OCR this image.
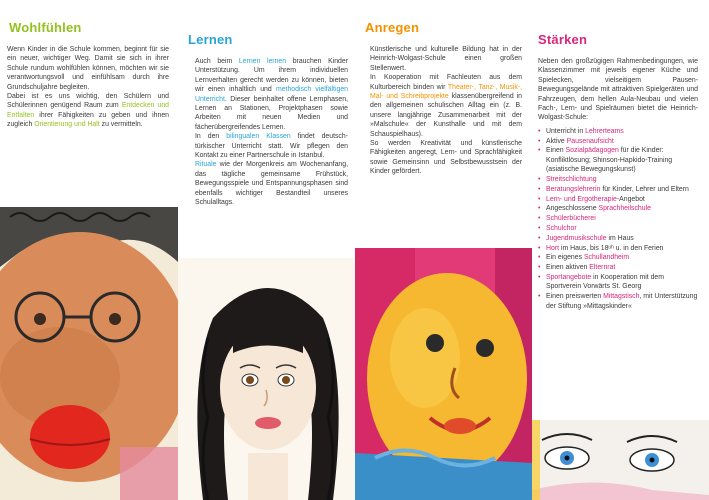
Wohlfühlen

Wenn Kinder in die Schule kommen, beginnt für sie ein neuer, wichtiger Weg. Damit sie sich in ihrer Schule rundum wohlfühlen können, möchten wir sie verantwortungsvoll und einfühlsam durch ihre Grundschuljahre begleiten.

Dabei ist es uns wichtig, den Schülern und Schülerinnen genügend Raum zum Entdecken und Entfalten ihrer Fähigkeiten zu geben und ihnen zugleich Orientierung und Halt zu vermitteln.

Lernen

Auch beim Lernen lernen brauchen Kinder Unterstützung. Um ihrem individuellen Lernverhalten gerecht werden zu können, bieten wir einen inhaltlich und methodisch vielfältigen Unterricht. Dieser beinhaltet offene Lernphasen, Lernen an Stationen, Projektphasen sowie Arbeiten mit neuen Medien und fächerübergreifendes Lernen.

In den bilingualen Klassen findet deutsch-türkischer Unterricht statt. Wir pflegen den Kontakt zu einer Partnerschule in Istanbul.

Rituale wie der Morgenkreis am Wochenanfang, das tägliche gemeinsame Frühstück, Bewegungsspiele und Entspannungsphasen sind ebenfalls wichtiger Bestandteil unseres Schulalltags.

Anregen

Künstlerische und kulturelle Bildung hat in der Heinrich-Wolgast-Schule einen großen Stellenwert.

In Kooperation mit Fachleuten aus dem Kulturbereich binden wir Theater-, Tanz-, Musik-, Mal- und Schreibprojekte klassenübergreifend in den allgemeinen schulischen Alltag ein (z. B. unsere langjährige Zusammenarbeit mit der »Malschule« der Kunsthalle und mit dem Schauspielhaus).

So werden Kreativität und künstlerische Fähigkeiten angeregt, Lern- und Sprachfähigkeit sowie Gemeinsinn und Selbstbewusstsein der Kinder gefördert.

Stärken

Neben den großzügigen Rahmenbedingungen, wie Klassenzimmer mit jeweils eigener Küche und Spielecken, vielseitigem Pausen-Bewegungsgelände mit attraktiven Spielgeräten und Fahrzeugen, dem hellen Aula-Neubau und vielen Fach-, Lern- und Spielräumen bietet die Heinrich-Wolgast-Schule:

• Unterricht in Lehrerteams
• Aktive Pausenaufsicht
• Einen Sozialpädagogen für die Kinder: Konfliktlösung; Shinson-Hapkido-Training (asiatische Bewegungskunst)
• Streitschlichtung
• Beratungslehrerin für Kinder, Lehrer und Eltern
• Lern- und Ergotherapie-Angebot
• Angeschlossene Sprachheilschule
• Schülerbücherei
• Schulchor
• Jugendmusikschule im Haus
• Hort im Haus, bis 18ᵘʰ u. in den Ferien
• Ein eigenes Schullandheim
• Einen aktiven Elternrat
• Sportangebote in Kooperation mit dem Sportverein Vorwärts St. Georg
• Einen preiswerten Mittagstisch, mit Unterstützung der Stiftung »Mittagskinder«
